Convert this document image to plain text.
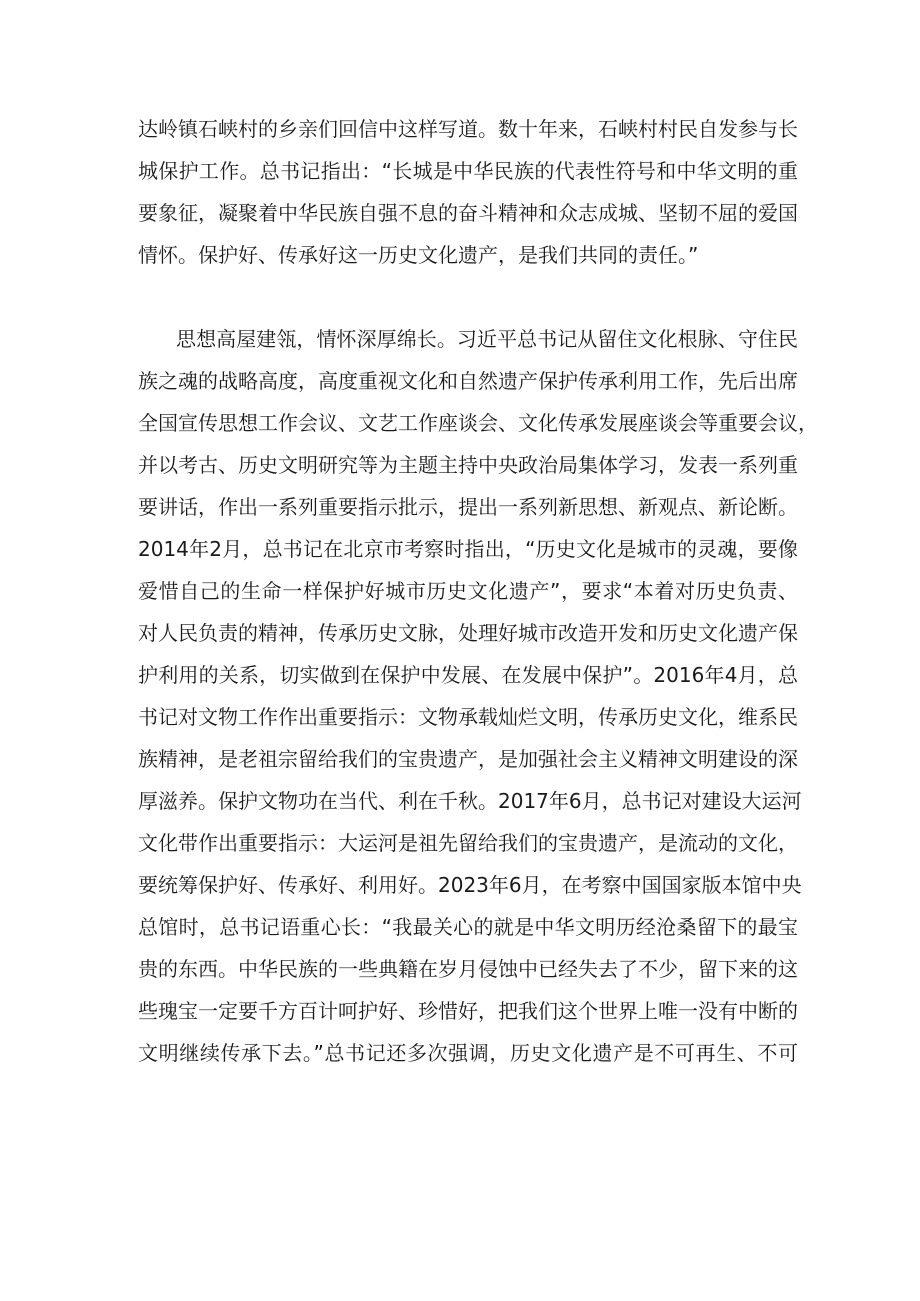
达岭镇石峡村的乡亲们回信中这样写道。数十年来，石峡村村民自发参与长
城保护工作。总书记指出：“长城是中华民族的代表性符号和中华文明的重
要象征，凝聚着中华民族自强不息的奋斗精神和众志成城、坚韧不屈的爱国
情怀。保护好、传承好这一历史文化遗产，是我们共同的责任。”
思想高屋建瓴，情怀深厚绵长。习近平总书记从留住文化根脉、守住民
族之魂的战略高度，高度重视文化和自然遗产保护传承利用工作，先后出席
全国宣传思想工作会议、文艺工作座谈会、文化传承发展座谈会等重要会议，
并以考古、历史文明研究等为主题主持中央政治局集体学习，发表一系列重
要讲话，作出一系列重要指示批示，提出一系列新思想、新观点、新论断。
2014年2月，总书记在北京市考察时指出，“历史文化是城市的灵魂，要像
爱惜自己的生命一样保护好城市历史文化遗产”，要求“本着对历史负责、
对人民负责的精神，传承历史文脉，处理好城市改造开发和历史文化遗产保
护利用的关系，切实做到在保护中发展、在发展中保护”。2016年4月，总
书记对文物工作作出重要指示：文物承载灿烂文明，传承历史文化，维系民
族精神，是老祖宗留给我们的宝贵遗产，是加强社会主义精神文明建设的深
厚滋养。保护文物功在当代、利在千秋。2017年6月，总书记对建设大运河
文化带作出重要指示：大运河是祖先留给我们的宝贵遗产，是流动的文化，
要统筹保护好、传承好、利用好。2023年6月，在考察中国国家版本馆中央
总馆时，总书记语重心长：“我最关心的就是中华文明历经沧桑留下的最宝
贵的东西。中华民族的一些典籍在岁月侵蚀中已经失去了不少，留下来的这
些瑰宝一定要千方百计呵护好、珍惜好，把我们这个世界上唯一没有中断的
文明继续传承下去。”总书记还多次强调，历史文化遗产是不可再生、不可
